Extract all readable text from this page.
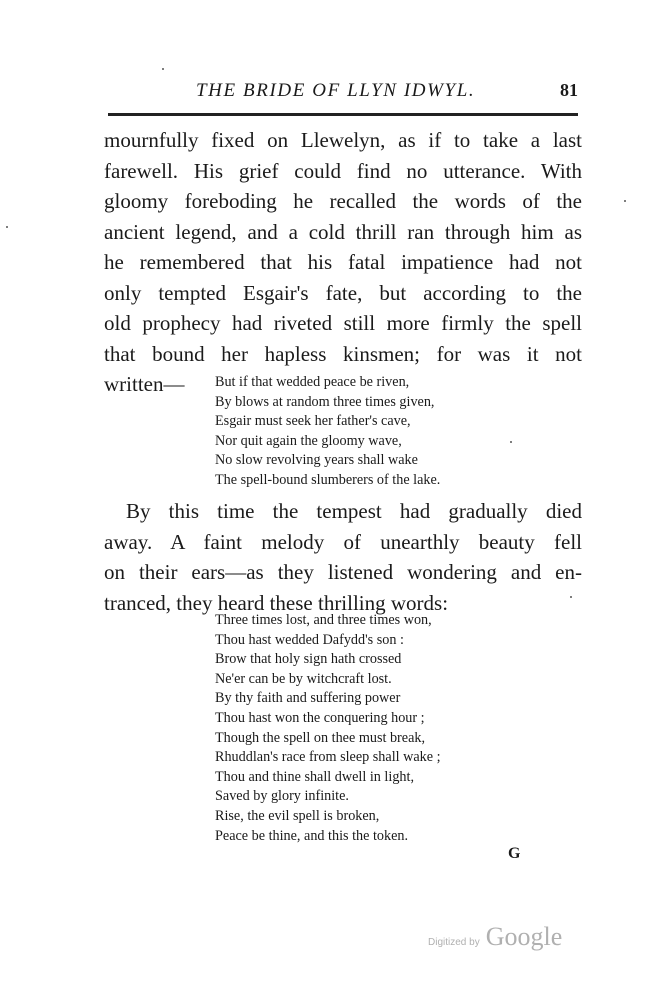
THE BRIDE OF LLYN IDWYL.	81
mournfully fixed on Llewelyn, as if to take a last
farewell. His grief could find no utterance. With
gloomy foreboding he recalled the words of the
ancient legend, and a cold thrill ran through him as
he remembered that his fatal impatience had not
only tempted Esgair's fate, but according to the
old prophecy had riveted still more firmly the spell
that bound her hapless kinsmen; for was it not
written—	But if that wedded peace be riven,
By blows at random three times given,
Esgair must seek her father's cave,
Nor quit again the gloomy wave,
No slow revolving years shall wake
The spell-bound slumberers of the lake.
By this time the tempest had gradually died
away. A faint melody of unearthly beauty fell
on their ears—as they listened wondering and en-
tranced, they heard these thrilling words:
Three times lost, and three times won,
Thou hast wedded Dafydd's son :
Brow that holy sign hath crossed
Ne'er can be by witchcraft lost.
By thy faith and suffering power
Thou hast won the conquering hour ;
Though the spell on thee must break,
Rhuddlan's race from sleep shall wake ;
Thou and thine shall dwell in light,
Saved by glory infinite.
Rise, the evil spell is broken,
Peace be thine, and this the token.
G
Digitized by Google
